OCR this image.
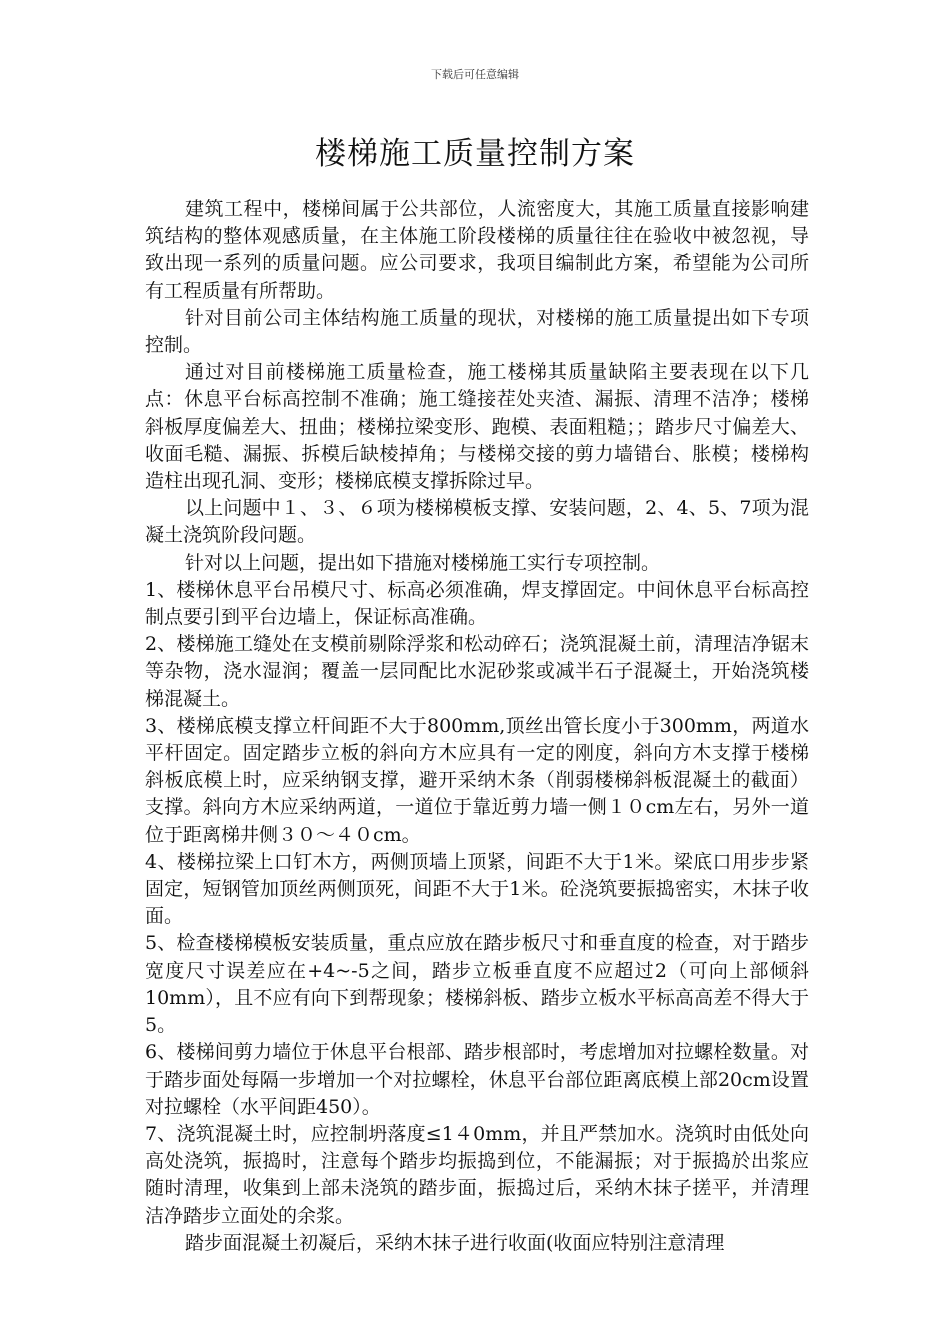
下载后可任意编辑
楼梯施工质量控制方案

建筑工程中，楼梯间属于公共部位，人流密度大，其施工质量直接影响建筑结构的整体观感质量，在主体施工阶段楼梯的质量往往在验收中被忽视，导致出现一系列的质量问题。应公司要求，我项目编制此方案，希望能为公司所有工程质量有所帮助。

针对目前公司主体结构施工质量的现状，对楼梯的施工质量提出如下专项控制。

通过对目前楼梯施工质量检查，施工楼梯其质量缺陷主要表现在以下几点：休息平台标高控制不准确；施工缝接茬处夹渣、漏振、清理不洁净；楼梯斜板厚度偏差大、扭曲；楼梯拉梁变形、跑模、表面粗糙；；踏步尺寸偏差大、收面毛糙、漏振、拆模后缺棱掉角；与楼梯交接的剪力墙错台、胀模；楼梯构造柱出现孔洞、变形；楼梯底模支撑拆除过早。

以上问题中１、３、６项为楼梯模板支撑、安装问题，2、4、5、7项为混凝土浇筑阶段问题。

针对以上问题，提出如下措施对楼梯施工实行专项控制。

1、楼梯休息平台吊模尺寸、标高必须准确，焊支撑固定。中间休息平台标高控制点要引到平台边墙上，保证标高准确。

2、楼梯施工缝处在支模前剔除浮浆和松动碎石；浇筑混凝土前，清理洁净锯末等杂物，浇水湿润；覆盖一层同配比水泥砂浆或减半石子混凝土，开始浇筑楼梯混凝土。

3、楼梯底模支撑立杆间距不大于800mm,顶丝出管长度小于300mm，两道水平杆固定。固定踏步立板的斜向方木应具有一定的刚度，斜向方木支撑于楼梯斜板底模上时，应采纳钢支撑，避开采纳木条（削弱楼梯斜板混凝土的截面）支撑。斜向方木应采纳两道，一道位于靠近剪力墙一侧１０cm左右，另外一道位于距离梯井侧３０～４０cm。

4、楼梯拉梁上口钉木方，两侧顶墙上顶紧，间距不大于1米。梁底口用步步紧固定，短钢管加顶丝两侧顶死，间距不大于1米。砼浇筑要振捣密实，木抹子收面。

5、检查楼梯模板安装质量，重点应放在踏步板尺寸和垂直度的检查，对于踏步宽度尺寸误差应在+4~-5之间，踏步立板垂直度不应超过2（可向上部倾斜10mm），且不应有向下到帮现象；楼梯斜板、踏步立板水平标高高差不得大于5。

6、楼梯间剪力墙位于休息平台根部、踏步根部时，考虑增加对拉螺栓数量。对于踏步面处每隔一步增加一个对拉螺栓，休息平台部位距离底模上部20cm设置对拉螺栓（水平间距450）。

7、浇筑混凝土时，应控制坍落度≤1４0mm，并且严禁加水。浇筑时由低处向高处浇筑，振捣时，注意每个踏步均振捣到位，不能漏振；对于振捣於出浆应随时清理，收集到上部未浇筑的踏步面，振捣过后，采纳木抹子搓平，并清理洁净踏步立面处的余浆。

踏步面混凝土初凝后，采纳木抹子进行收面(收面应特别注意清理
